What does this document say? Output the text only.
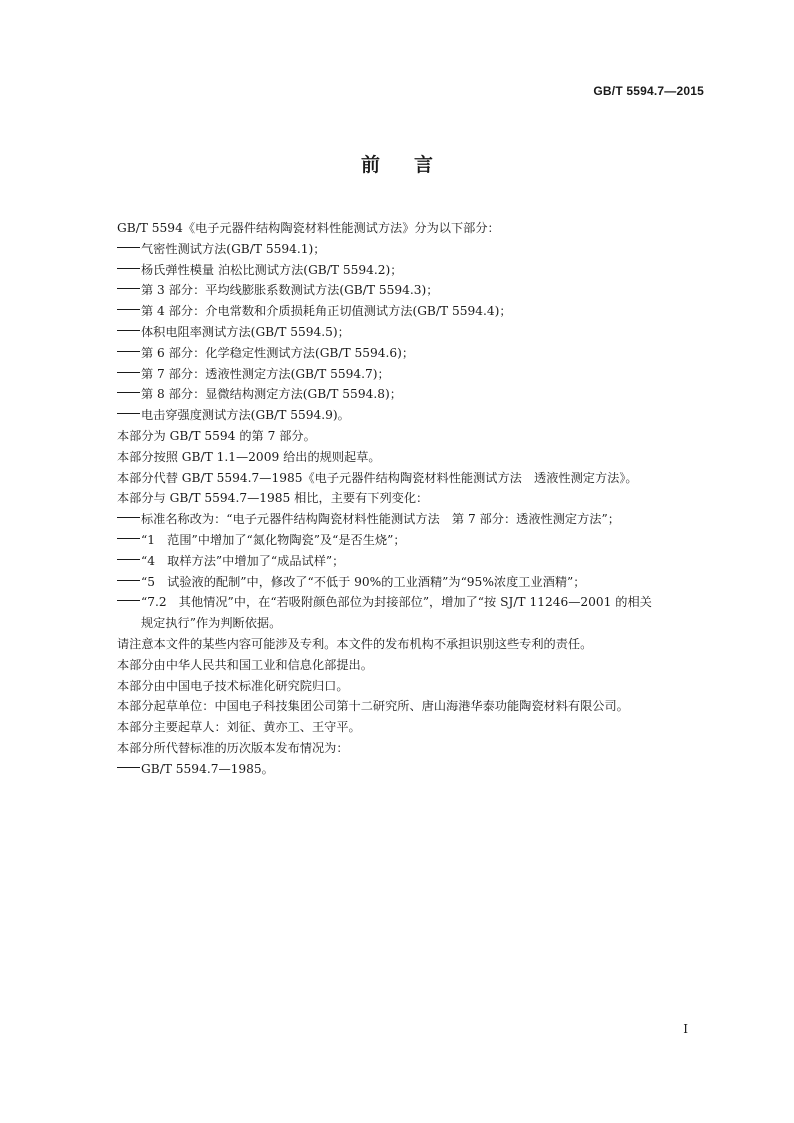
GB/T 5594.7—2015
前言
GB/T 5594《电子元器件结构陶瓷材料性能测试方法》分为以下部分：
气密性测试方法(GB/T 5594.1)；
杨氏弹性模量 泊松比测试方法(GB/T 5594.2)；
第 3 部分：平均线膨胀系数测试方法(GB/T 5594.3)；
第 4 部分：介电常数和介质损耗角正切值测试方法(GB/T 5594.4)；
体积电阻率测试方法(GB/T 5594.5)；
第 6 部分：化学稳定性测试方法(GB/T 5594.6)；
第 7 部分：透液性测定方法(GB/T 5594.7)；
第 8 部分：显微结构测定方法(GB/T 5594.8)；
电击穿强度测试方法(GB/T 5594.9)。
本部分为 GB/T 5594 的第 7 部分。
本部分按照 GB/T 1.1—2009 给出的规则起草。
本部分代替 GB/T 5594.7—1985《电子元器件结构陶瓷材料性能测试方法　透液性测定方法》。
本部分与 GB/T 5594.7—1985 相比，主要有下列变化：
标准名称改为：“电子元器件结构陶瓷材料性能测试方法　第 7 部分：透液性测定方法”；
“1　范围”中增加了“氮化物陶瓷”及“是否生烧”；
“4　取样方法”中增加了“成品试样”；
“5　试验液的配制”中，修改了“不低于 90%的工业酒精”为“95%浓度工业酒精”；
“7.2　其他情况”中，在“若吸附颜色部位为封接部位”，增加了“按 SJ/T 11246—2001 的相关
规定执行”作为判断依据。
请注意本文件的某些内容可能涉及专利。本文件的发布机构不承担识别这些专利的责任。
本部分由中华人民共和国工业和信息化部提出。
本部分由中国电子技术标准化研究院归口。
本部分起草单位：中国电子科技集团公司第十二研究所、唐山海港华泰功能陶瓷材料有限公司。
本部分主要起草人：刘征、黄亦工、王守平。
本部分所代替标准的历次版本发布情况为：
GB/T 5594.7—1985。
I
